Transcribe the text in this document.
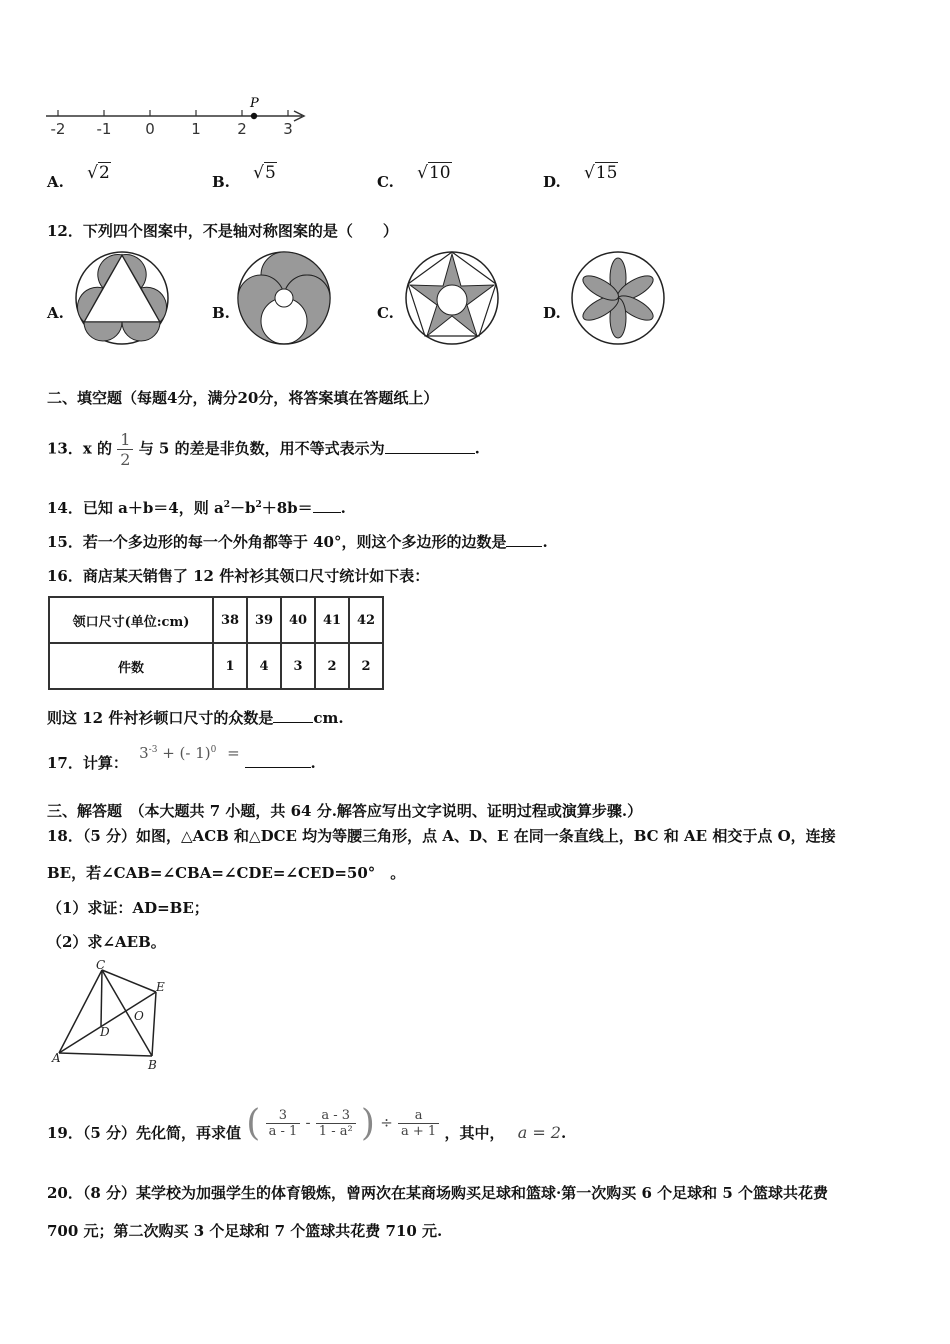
P
-2 -1 0 1 2 3
A. √2	B. √5	C. √10	D. √15
12．下列四个图案中，不是轴对称图案的是（　　）
A.	B.	C.	D.
二、填空题（每题4分，满分20分，将答案填在答题纸上）
13．x 的 $\frac{1}{2}$ 与 5 的差是非负数，用不等式表示为	.
14．已知 a＋b＝4，则 $a^2-b^2+8b=$ .
15．若一个多边形的每一个外角都等于 40°，则这个多边形的边数是 .
16．商店某天销售了 12 件衬衫其领口尺寸统计如下表：
领口尺寸(单位:cm)	38	39	40	41	42
件数	1	4	3	2	2
则这 12 件衬衫顿口尺寸的众数是	cm.
17．计算： $3^{-3}$ + (- 1)$^0$ = .
三、解答题　（本大题共 7 小题，共 64 分.解答应写出文字说明、证明过程或演算步骤.）
18．（5 分）如图，△ACB 和△DCE 均为等腰三角形，点 A、D、E 在同一条直线上，BC 和 AE 相交于点 O，连接
BE，若∠CAB=∠CBA=∠CDE=∠CED=50°　。
（1）求证：AD=BE；
（2）求∠AEB。
C
E
O
D
A	B
19．（5 分）先化简，再求值 ( $\frac{3}{a - 1} - \frac{a - 3}{\text{1 - a²}}$ ) ÷ $\frac{a}{a + 1}$ ，其中， a = 2.
20．（8 分）某学校为加强学生的体育锻炼，曾两次在某商场购买足球和篮球·第一次购买 6 个足球和 5 个篮球共花费
700 元；第二次购买 3 个足球和 7 个篮球共花费 710 元.
